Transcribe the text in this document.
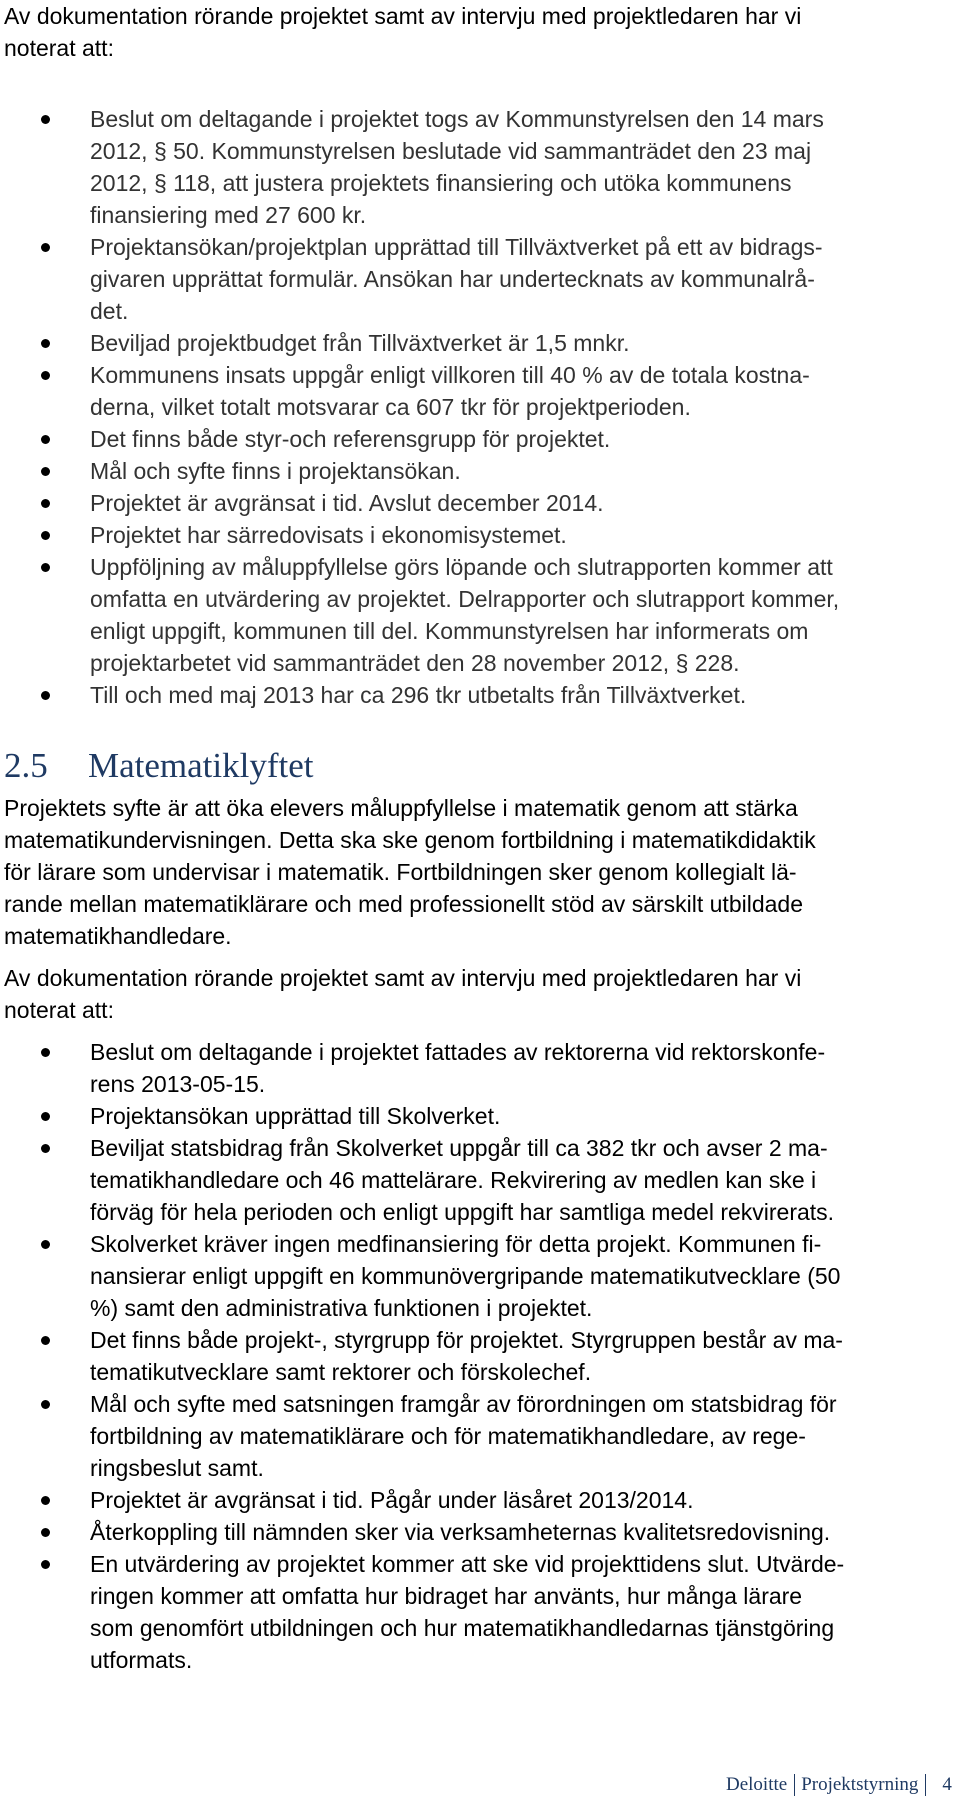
Av dokumentation rörande projektet samt av intervju med projektledaren har vi
noterat att:

Beslut om deltagande i projektet togs av Kommunstyrelsen den 14 mars
2012, § 50. Kommunstyrelsen beslutade vid sammanträdet den 23 maj
2012, § 118, att justera projektets finansiering och utöka kommunens
finansiering med 27 600 kr.
Projektansökan/projektplan upprättad till Tillväxtverket på ett av bidrags-
givaren upprättat formulär. Ansökan har undertecknats av kommunalrå-
det.
Beviljad projektbudget från Tillväxtverket är 1,5 mnkr.
Kommunens insats uppgår enligt villkoren till 40 % av de totala kostna-
derna, vilket totalt motsvarar ca 607 tkr för projektperioden.
Det finns både styr-och referensgrupp för projektet.
Mål och syfte finns i projektansökan.
Projektet är avgränsat i tid. Avslut december 2014.
Projektet har särredovisats i ekonomisystemet.
Uppföljning av måluppfyllelse görs löpande och slutrapporten kommer att
omfatta en utvärdering av projektet. Delrapporter och slutrapport kommer,
enligt uppgift, kommunen till del. Kommunstyrelsen har informerats om
projektarbetet vid sammanträdet den 28 november 2012, § 228.
Till och med maj 2013 har ca 296 tkr utbetalts från Tillväxtverket.
2.5 Matematiklyftet

Projektets syfte är att öka elevers måluppfyllelse i matematik genom att stärka
matematikundervisningen. Detta ska ske genom fortbildning i matematikdidaktik
för lärare som undervisar i matematik. Fortbildningen sker genom kollegialt lä-
rande mellan matematiklärare och med professionellt stöd av särskilt utbildade
matematikhandledare.

Av dokumentation rörande projektet samt av intervju med projektledaren har vi
noterat att:

Beslut om deltagande i projektet fattades av rektorerna vid rektorskonfe-
rens 2013-05-15.
Projektansökan upprättad till Skolverket.
Beviljat statsbidrag från Skolverket uppgår till ca 382 tkr och avser 2 ma-
tematikhandledare och 46 mattelärare. Rekvirering av medlen kan ske i
förväg för hela perioden och enligt uppgift har samtliga medel rekvirerats.
Skolverket kräver ingen medfinansiering för detta projekt. Kommunen fi-
nansierar enligt uppgift en kommunövergripande matematikutvecklare (50
%) samt den administrativa funktionen i projektet.
Det finns både projekt-, styrgrupp för projektet. Styrgruppen består av ma-
tematikutvecklare samt rektorer och förskolechef.
Mål och syfte med satsningen framgår av förordningen om statsbidrag för
fortbildning av matematiklärare och för matematikhandledare, av rege-
ringsbeslut samt.
Projektet är avgränsat i tid. Pågår under läsåret 2013/2014.
Återkoppling till nämnden sker via verksamheternas kvalitetsredovisning.
En utvärdering av projektet kommer att ske vid projekttidens slut. Utvärde-
ringen kommer att omfatta hur bidraget har använts, hur många lärare
som genomfört utbildningen och hur matematikhandledarnas tjänstgöring
utformats.
Deloitte Projektstyrning 4
